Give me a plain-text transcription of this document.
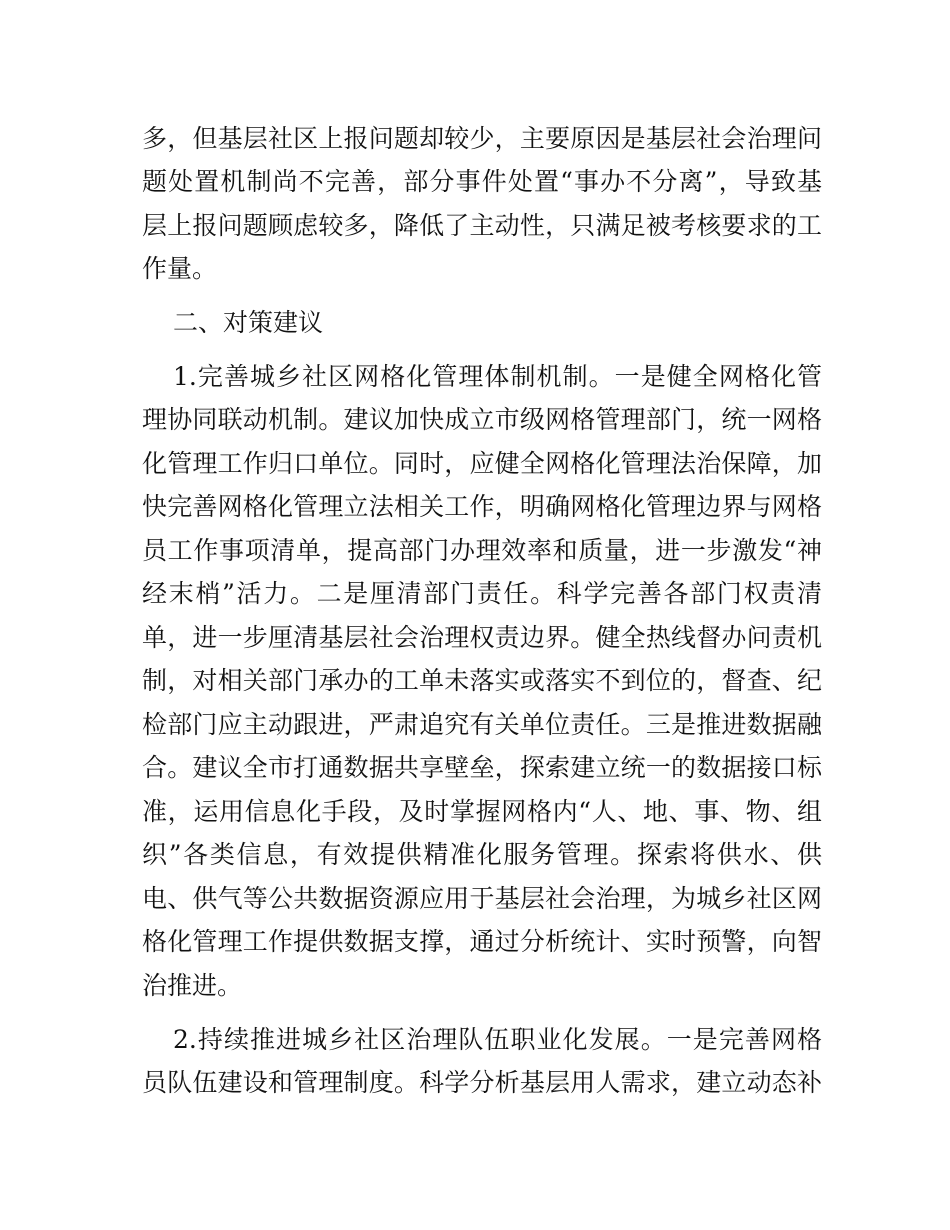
多，但基层社区上报问题却较少，主要原因是基层社会治理问
题处置机制尚不完善，部分事件处置“事办不分离”，导致基
层上报问题顾虑较多，降低了主动性，只满足被考核要求的工
作量。
二、对策建议
1.完善城乡社区网格化管理体制机制。一是健全网格化管
理协同联动机制。建议加快成立市级网格管理部门，统一网格
化管理工作归口单位。同时，应健全网格化管理法治保障，加
快完善网格化管理立法相关工作，明确网格化管理边界与网格
员工作事项清单，提高部门办理效率和质量，进一步激发“神
经末梢”活力。二是厘清部门责任。科学完善各部门权责清
单，进一步厘清基层社会治理权责边界。健全热线督办问责机
制，对相关部门承办的工单未落实或落实不到位的，督查、纪
检部门应主动跟进，严肃追究有关单位责任。三是推进数据融
合。建议全市打通数据共享壁垒，探索建立统一的数据接口标
准，运用信息化手段，及时掌握网格内“人、地、事、物、组
织”各类信息，有效提供精准化服务管理。探索将供水、供
电、供气等公共数据资源应用于基层社会治理，为城乡社区网
格化管理工作提供数据支撑，通过分析统计、实时预警，向智
治推进。
2.持续推进城乡社区治理队伍职业化发展。一是完善网格
员队伍建设和管理制度。科学分析基层用人需求，建立动态补
